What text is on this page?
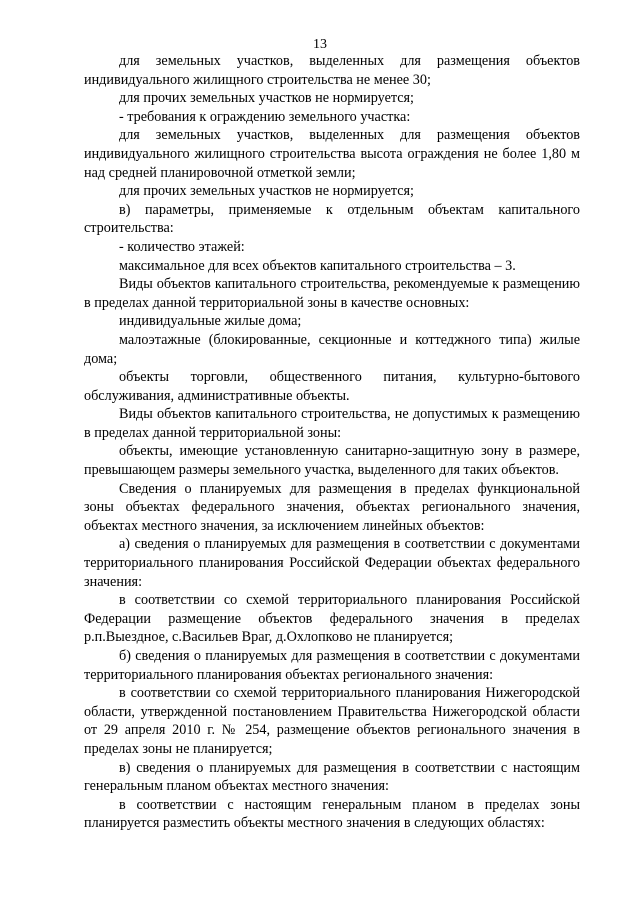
13

для земельных участков, выделенных для размещения объектов индивидуального жилищного строительства не менее 30;

для прочих земельных участков не нормируется;

- требования к ограждению земельного участка:

для земельных участков, выделенных для размещения объектов индивидуального жилищного строительства высота ограждения не более 1,80 м над средней планировочной отметкой земли;

для прочих земельных участков не нормируется;

в) параметры, применяемые к отдельным объектам капитального строительства:

- количество этажей:

максимальное для всех объектов капитального строительства – 3.

Виды объектов капитального строительства, рекомендуемые к размещению в пределах данной территориальной зоны в качестве основных:

индивидуальные жилые дома;

малоэтажные (блокированные, секционные и коттеджного типа) жилые дома;

объекты торговли, общественного питания, культурно-бытового обслуживания, административные объекты.

Виды объектов капитального строительства, не допустимых к размещению в пределах данной территориальной зоны:

объекты, имеющие установленную санитарно-защитную зону в размере, превышающем размеры земельного участка, выделенного для таких объектов.

Сведения о планируемых для размещения в пределах функциональной зоны объектах федерального значения, объектах регионального значения, объектах местного значения, за исключением линейных объектов:

а) сведения о планируемых для размещения в соответствии с документами территориального планирования Российской Федерации объектах федерального значения:

в соответствии со схемой территориального планирования Российской Федерации размещение объектов федерального значения в пределах р.п.Выездное, с.Васильев Враг, д.Охлопково не планируется;

б) сведения о планируемых для размещения в соответствии с документами территориального планирования объектах регионального значения:

в соответствии со схемой территориального планирования Нижегородской области, утвержденной постановлением Правительства Нижегородской области от 29 апреля 2010 г. № 254, размещение объектов регионального значения в пределах зоны не планируется;

в) сведения о планируемых для размещения в соответствии с настоящим генеральным планом объектах местного значения:

в соответствии с настоящим генеральным планом в пределах зоны планируется разместить объекты местного значения в следующих областях:
